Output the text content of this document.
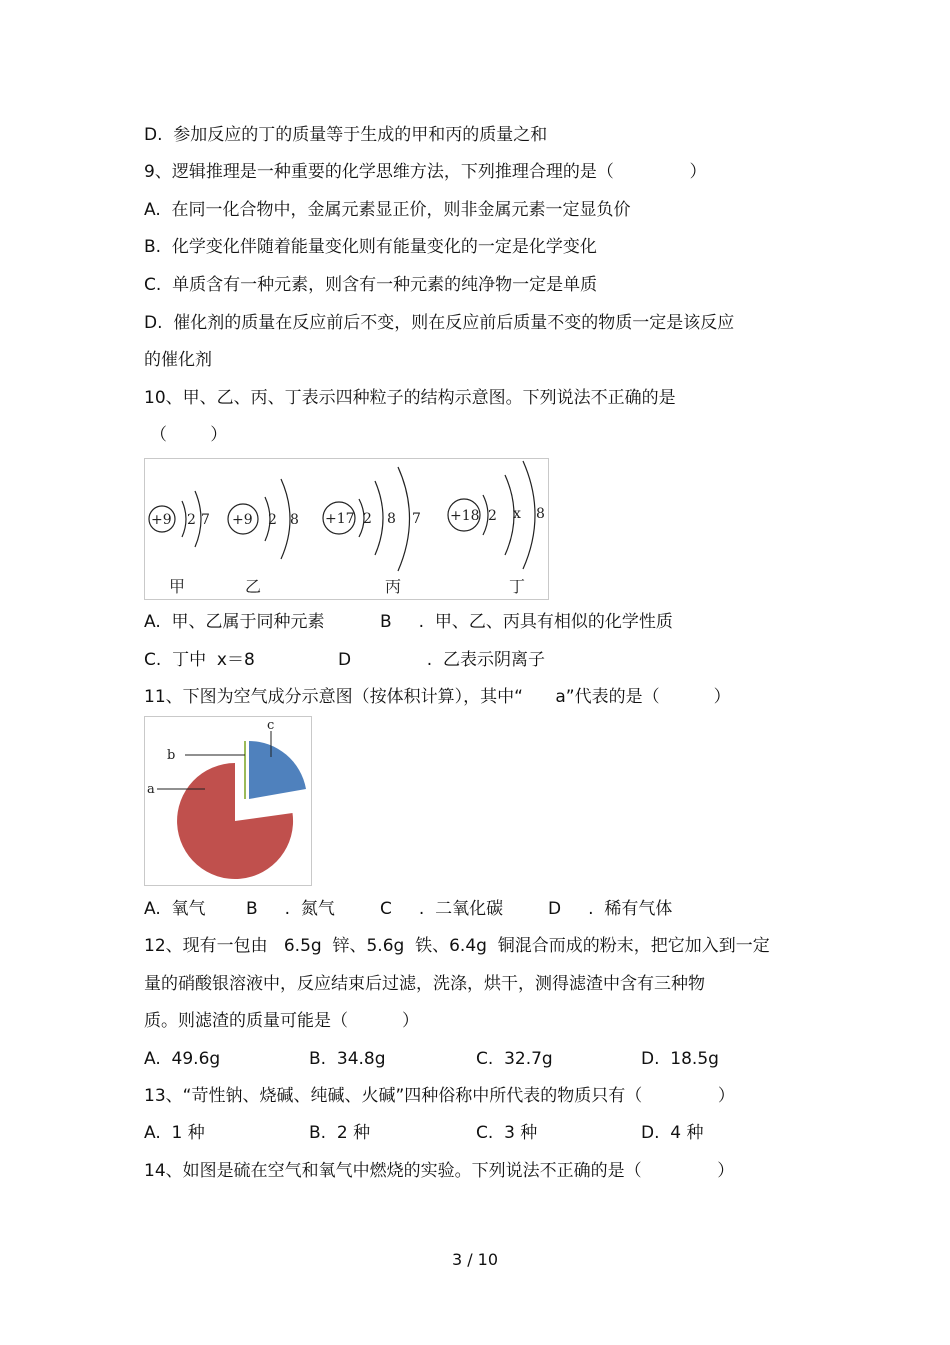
D.  参加反应的丁的质量等于生成的甲和丙的质量之和
9、逻辑推理是一种重要的化学思维方法，下列推理合理的是（              ）
A.  在同一化合物中，金属元素显正价，则非金属元素一定显负价
B.  化学变化伴随着能量变化则有能量变化的一定是化学变化
C.  单质含有一种元素，则含有一种元素的纯净物一定是单质
D.  催化剂的质量在反应前后不变，则在反应前后质量不变的物质一定是该反应
的催化剂
10、甲、乙、丙、丁表示四种粒子的结构示意图。下列说法不正确的是
（        ）
+9 2 7 +9 2 8 +17 2 8 7 +18 2 x 8
甲	乙	丙	丁
A.  甲、乙属于同种元素	B     .  甲、乙、丙具有相似的化学性质
C.  丁中  x＝8	D              .  乙表示阴离子
11、下图为空气成分示意图（按体积计算），其中“      a”代表的是（          ）
a
b
c
A.  氧气 B     .  氮气	C     .  二氧化碳	D     .  稀有气体
12、现有一包由   6.5g  锌、5.6g  铁、6.4g  铜混合而成的粉末，把它加入到一定
量的硝酸银溶液中，反应结束后过滤，洗涤，烘干，测得滤渣中含有三种物
质。则滤渣的质量可能是（          ）
A.  49.6g	B.  34.8g	C.  32.7g	D.  18.5g
13、“苛性钠、烧碱、纯碱、火碱”四种俗称中所代表的物质只有（              ）
A.  1 种	B.  2 种	C.  3 种	D.  4 种
14、如图是硫在空气和氧气中燃烧的实验。下列说法不正确的是（              ）
3 / 10
